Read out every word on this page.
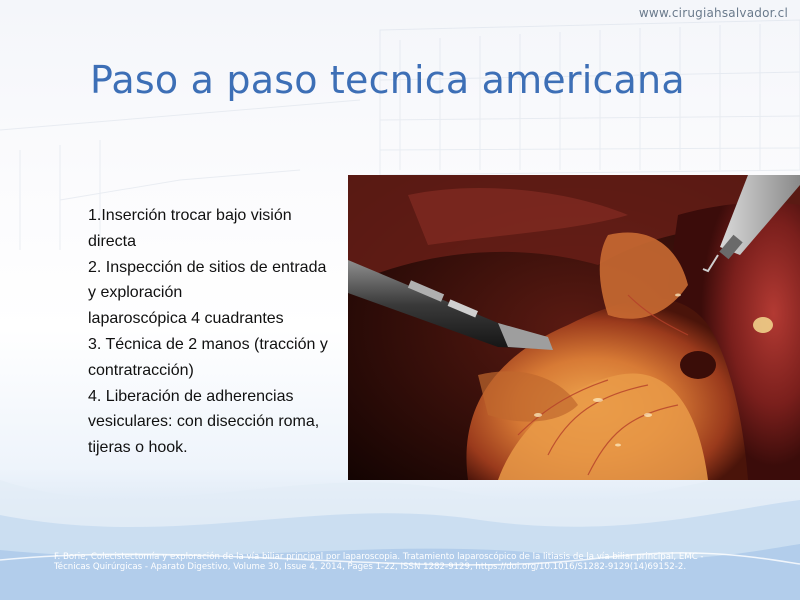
www.cirugiahsalvador.cl
Paso a paso tecnica americana
1.Inserción trocar bajo visión
directa
2. Inspección de sitios de entrada
y exploración
laparoscópica 4 cuadrantes
3. Técnica de 2 manos (tracción y
contratracción)
4. Liberación de adherencias
vesiculares: con disección roma,
tijeras o hook.
F. Borie, Colecistectomía y exploración de la vía biliar principal por laparoscopia. Tratamiento laparoscópico de la litiasis de la vía biliar principal, EMC -
Técnicas Quirúrgicas - Aparato Digestivo, Volume 30, Issue 4, 2014, Pages 1-22, ISSN 1282-9129, https://doi.org/10.1016/S1282-9129(14)69152-2.
